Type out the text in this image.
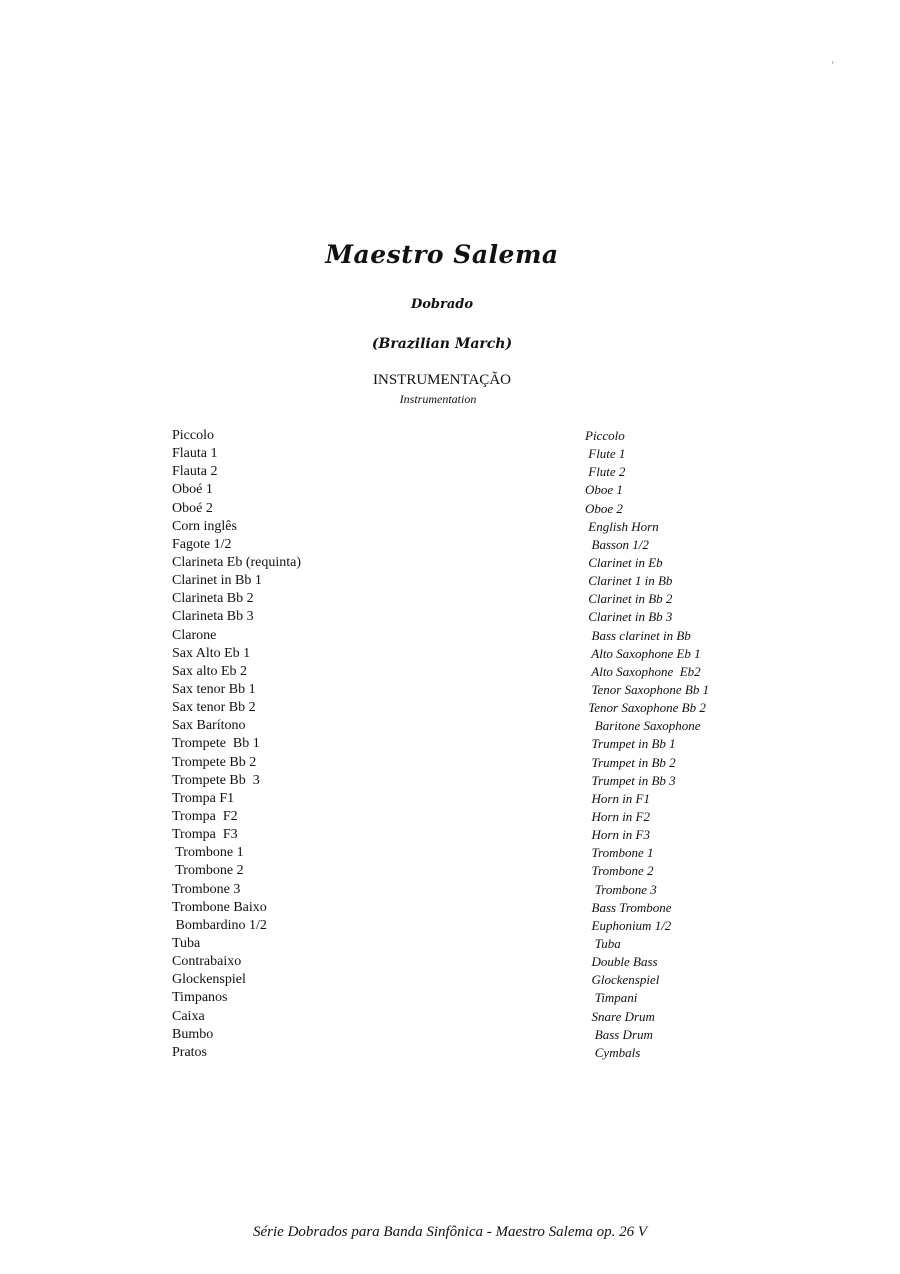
'
Maestro Salema
Dobrado
(Brazilian March)
INSTRUMENTAÇÃO
Instrumentation
Piccolo
Flauta 1
Flauta 2
Oboé 1
Oboé 2
Corn inglês
Fagote 1/2
Clarineta Eb (requinta)
Clarinet in Bb 1
Clarineta Bb 2
Clarineta Bb 3
Clarone
Sax Alto Eb 1
Sax alto Eb 2
Sax tenor Bb 1
Sax tenor Bb 2
Sax Barítono
Trompete  Bb 1
Trompete Bb 2
Trompete Bb  3
Trompa F1
Trompa  F2
Trompa  F3
Trombone 1
Trombone 2
Trombone 3
Trombone Baixo
Bombardino 1/2
Tuba
Contrabaixo
Glockenspiel
Timpanos
Caixa
Bumbo
Pratos
Piccolo
Flute 1
Flute 2
Oboe 1
Oboe 2
English Horn
Basson 1/2
Clarinet in Eb
Clarinet 1 in Bb
Clarinet in Bb 2
Clarinet in Bb 3
Bass clarinet in Bb
Alto Saxophone Eb 1
Alto Saxophone  Eb2
Tenor Saxophone Bb 1
Tenor Saxophone Bb 2
Baritone Saxophone
Trumpet in Bb 1
Trumpet in Bb 2
Trumpet in Bb 3
Horn in F1
Horn in F2
Horn in F3
Trombone 1
Trombone 2
Trombone 3
Bass Trombone
Euphonium 1/2
Tuba
Double Bass
Glockenspiel
Timpani
Snare Drum
Bass Drum
Cymbals
Série Dobrados para Banda Sinfônica - Maestro Salema op. 26 V
